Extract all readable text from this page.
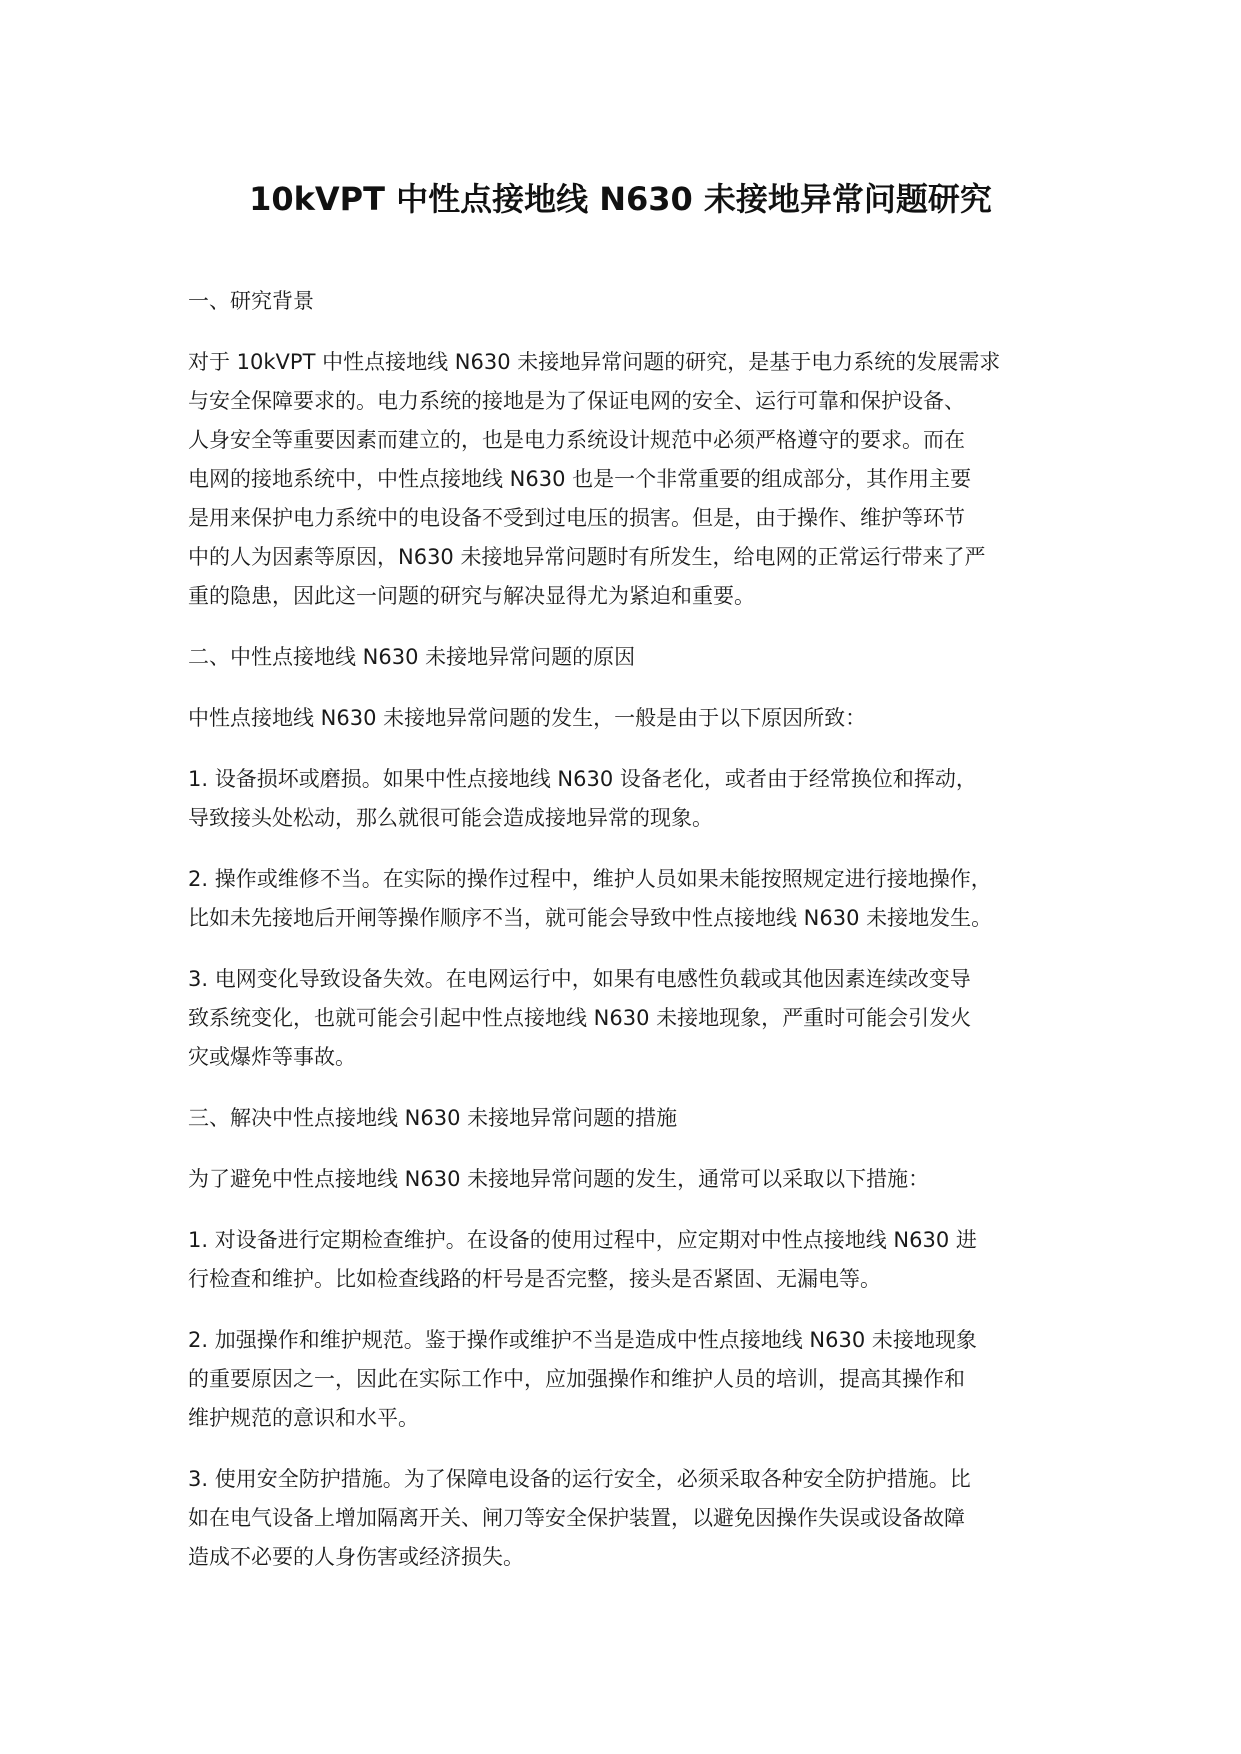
10kVPT 中性点接地线 N630 未接地异常问题研究
一、研究背景
对于 10kVPT 中性点接地线 N630 未接地异常问题的研究，是基于电力系统的发展需求
与安全保障要求的。电力系统的接地是为了保证电网的安全、运行可靠和保护设备、
人身安全等重要因素而建立的，也是电力系统设计规范中必须严格遵守的要求。而在
电网的接地系统中，中性点接地线 N630 也是一个非常重要的组成部分，其作用主要
是用来保护电力系统中的电设备不受到过电压的损害。但是，由于操作、维护等环节
中的人为因素等原因，N630 未接地异常问题时有所发生，给电网的正常运行带来了严
重的隐患，因此这一问题的研究与解决显得尤为紧迫和重要。
二、中性点接地线 N630 未接地异常问题的原因
中性点接地线 N630 未接地异常问题的发生，一般是由于以下原因所致：
1. 设备损坏或磨损。如果中性点接地线 N630 设备老化，或者由于经常换位和挥动，
导致接头处松动，那么就很可能会造成接地异常的现象。
2. 操作或维修不当。在实际的操作过程中，维护人员如果未能按照规定进行接地操作，
比如未先接地后开闸等操作顺序不当，就可能会导致中性点接地线 N630 未接地发生。
3. 电网变化导致设备失效。在电网运行中，如果有电感性负载或其他因素连续改变导
致系统变化，也就可能会引起中性点接地线 N630 未接地现象，严重时可能会引发火
灾或爆炸等事故。
三、解决中性点接地线 N630 未接地异常问题的措施
为了避免中性点接地线 N630 未接地异常问题的发生，通常可以采取以下措施：
1. 对设备进行定期检查维护。在设备的使用过程中，应定期对中性点接地线 N630 进
行检查和维护。比如检查线路的杆号是否完整，接头是否紧固、无漏电等。
2. 加强操作和维护规范。鉴于操作或维护不当是造成中性点接地线 N630 未接地现象
的重要原因之一，因此在实际工作中，应加强操作和维护人员的培训，提高其操作和
维护规范的意识和水平。
3. 使用安全防护措施。为了保障电设备的运行安全，必须采取各种安全防护措施。比
如在电气设备上增加隔离开关、闸刀等安全保护装置，以避免因操作失误或设备故障
造成不必要的人身伤害或经济损失。
